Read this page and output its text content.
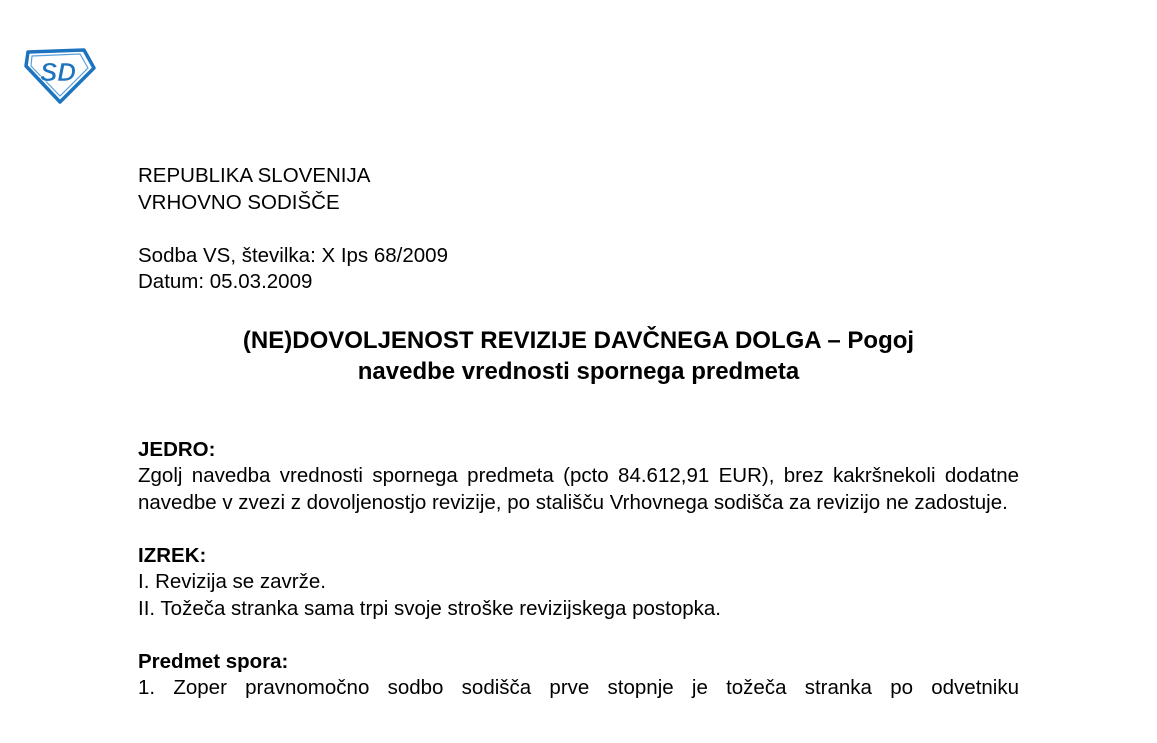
SD
REPUBLIKA SLOVENIJA
VRHOVNO SODIŠČE
Sodba VS, številka: X Ips 68/2009
Datum: 05.03.2009
(NE)DOVOLJENOST REVIZIJE DAVČNEGA DOLGA – Pogoj
navedbe vrednosti spornega predmeta
JEDRO:
Zgolj navedba vrednosti spornega predmeta (pcto 84.612,91 EUR), brez kakršnekoli dodatne navedbe v zvezi z dovoljenostjo revizije, po stališču Vrhovnega sodišča za revizijo ne zadostuje.
IZREK:
I. Revizija se zavrže.
II. Tožeča stranka sama trpi svoje stroške revizijskega postopka.
Predmet spora:
1. Zoper pravnomočno sodbo sodišča prve stopnje je tožeča stranka po odvetniku
